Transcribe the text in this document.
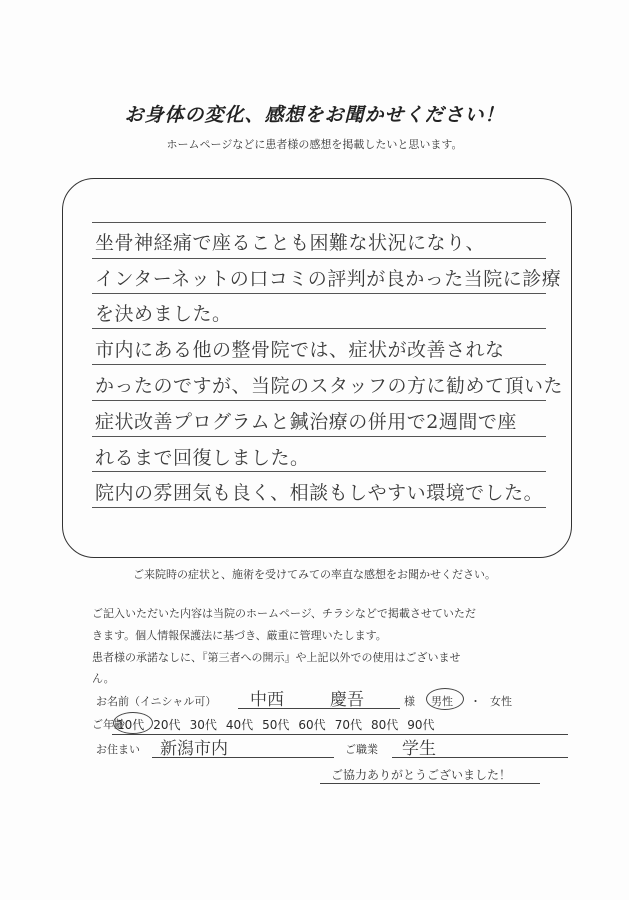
お身体の変化、感想をお聞かせください！
ホームページなどに患者様の感想を掲載したいと思います。
坐骨神経痛で座ることも困難な状況になり、
インターネットの口コミの評判が良かった当院に診療
を決めました。
市内にある他の整骨院では、症状が改善されな
かったのですが、当院のスタッフの方に勧めて頂いた
症状改善プログラムと鍼治療の併用で2週間で座
れるまで回復しました。
院内の雰囲気も良く、相談もしやすい環境でした。
ご来院時の症状と、施術を受けてみての率直な感想をお聞かせください。
ご記入いただいた内容は当院のホームページ、チラシなどで掲載させていただ
きます。個人情報保護法に基づき、厳重に管理いたします。
患者様の承諾なしに、『第三者への開示』や上記以外での使用はございませ
ん。
お名前（イニシャル可） 中西	慶吾	様 男性 ・ 女性
ご年齢
10代 20代 30代 40代 50代 60代 70代 80代 90代
お住まい 新潟市内	ご職業 学生
ご協力ありがとうございました！
